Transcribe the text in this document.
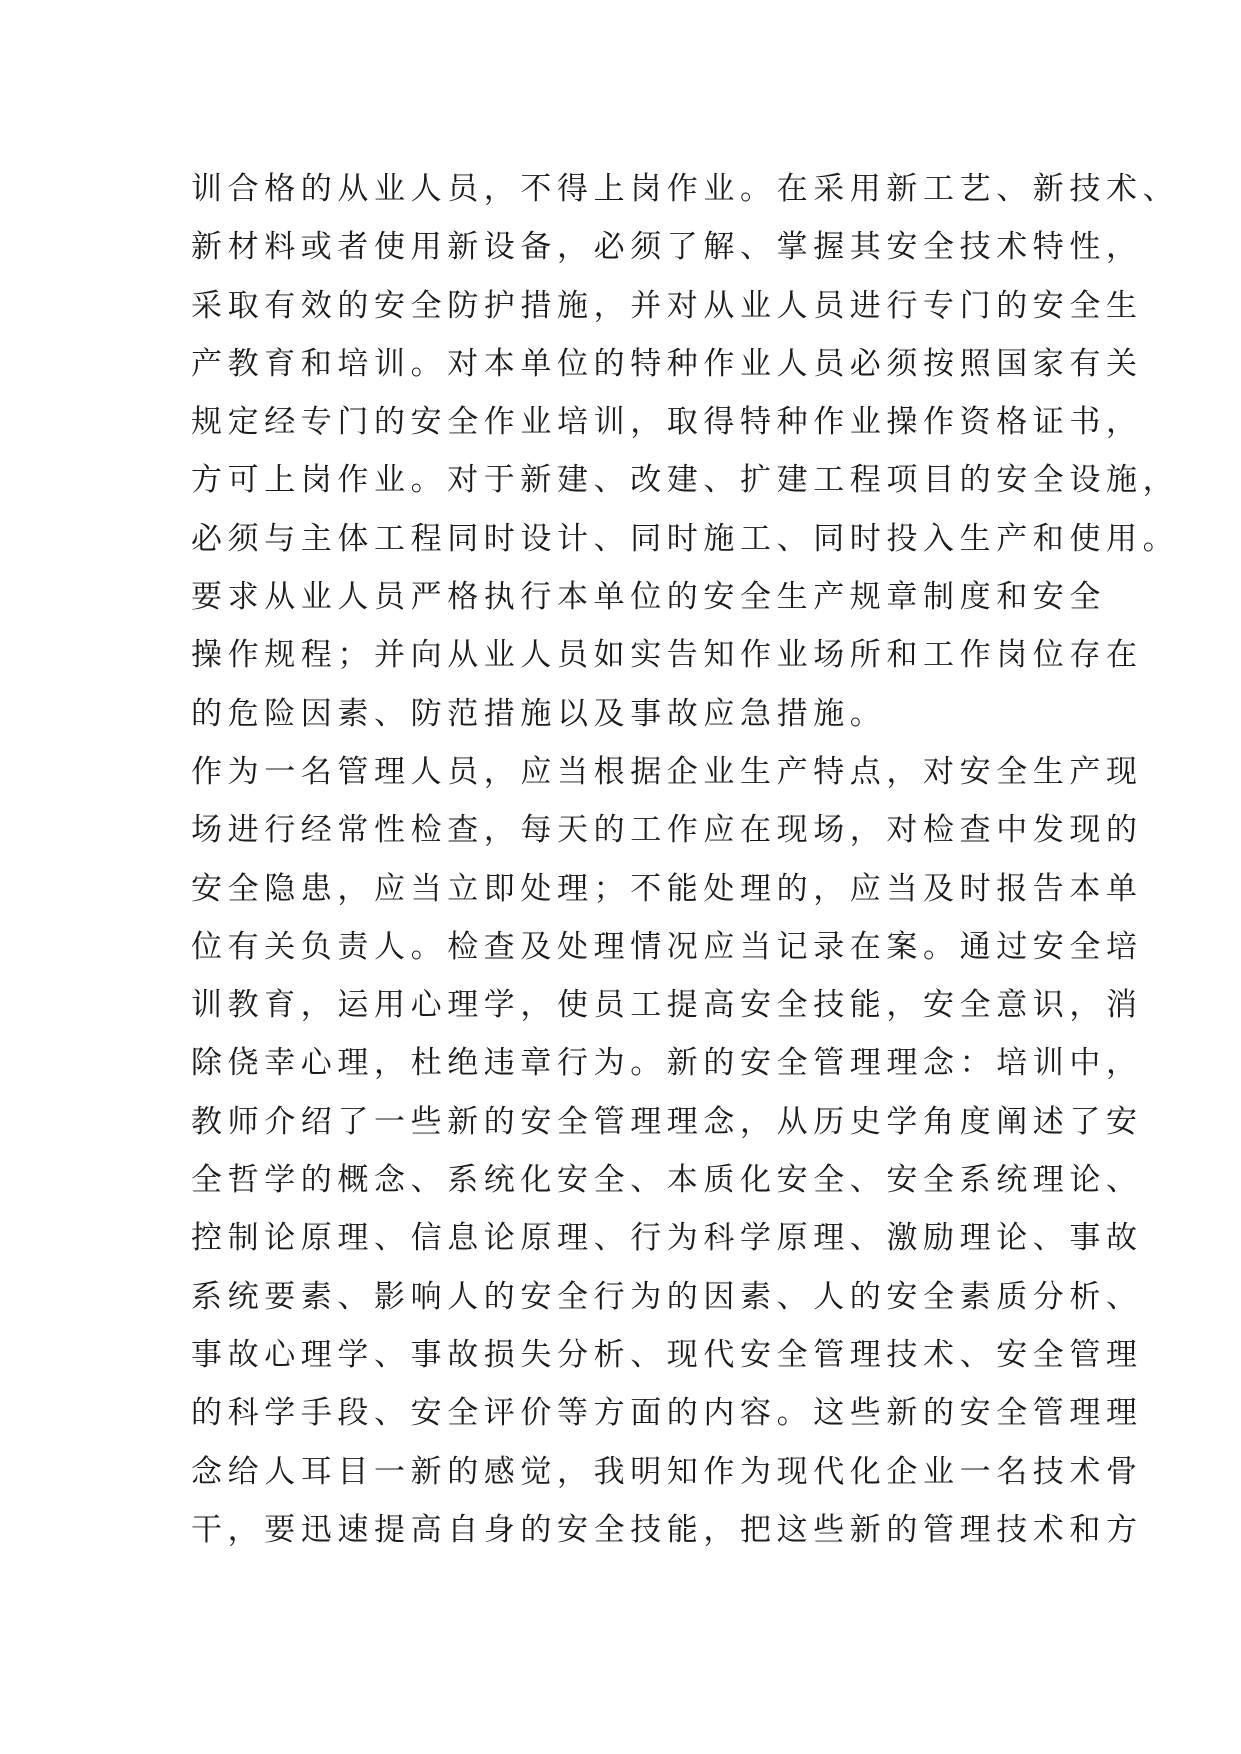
训合格的从业人员，不得上岗作业。在采用新工艺、新技术、
新材料或者使用新设备，必须了解、掌握其安全技术特性，
采取有效的安全防护措施，并对从业人员进行专门的安全生
产教育和培训。对本单位的特种作业人员必须按照国家有关
规定经专门的安全作业培训，取得特种作业操作资格证书，
方可上岗作业。对于新建、改建、扩建工程项目的安全设施，
必须与主体工程同时设计、同时施工、同时投入生产和使用。
要求从业人员严格执行本单位的安全生产规章制度和安全
操作规程；并向从业人员如实告知作业场所和工作岗位存在
的危险因素、防范措施以及事故应急措施。
作为一名管理人员，应当根据企业生产特点，对安全生产现
场进行经常性检查，每天的工作应在现场，对检查中发现的
安全隐患，应当立即处理；不能处理的，应当及时报告本单
位有关负责人。检查及处理情况应当记录在案。通过安全培
训教育，运用心理学，使员工提高安全技能，安全意识，消
除侥幸心理，杜绝违章行为。新的安全管理理念：培训中，
教师介绍了一些新的安全管理理念，从历史学角度阐述了安
全哲学的概念、系统化安全、本质化安全、安全系统理论、
控制论原理、信息论原理、行为科学原理、激励理论、事故
系统要素、影响人的安全行为的因素、人的安全素质分析、
事故心理学、事故损失分析、现代安全管理技术、安全管理
的科学手段、安全评价等方面的内容。这些新的安全管理理
念给人耳目一新的感觉，我明知作为现代化企业一名技术骨
干，要迅速提高自身的安全技能，把这些新的管理技术和方
